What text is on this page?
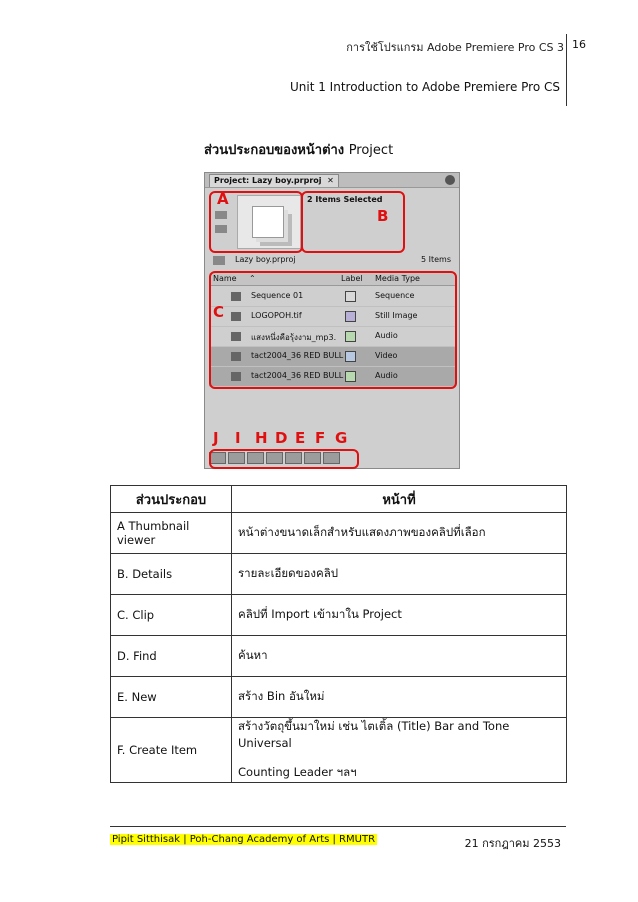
การใช้โปรแกรม Adobe Premiere Pro CS 3 16
Unit 1 Introduction to Adobe Premiere Pro CS
ส่วนประกอบของหน้าต่าง Project
Project: Lazy boy.prproj  ✕
2 Items Selected
Lazy boy.prproj	5 Items
Name ⌃	Label Media Type
Sequence 01	Sequence
LOGOPOH.tif	Still Image
แสงหนึ่งคือรุ้งงาม_mp3.	Audio
tact2004_36 RED BULL	Video
tact2004_36 RED BULL	Audio
A
B
C
J I H D E F G
ส่วนประกอบ	หน้าที่
A Thumbnail viewer	หน้าต่างขนาดเล็กสำหรับแสดงภาพของคลิปที่เลือก
B. Details	รายละเอียดของคลิป
C. Clip	คลิปที่ Import เข้ามาใน Project
D. Find	ค้นหา
E. New	สร้าง Bin อันใหม่
F. Create Item	สร้างวัตถุขึ้นมาใหม่ เช่น ไตเติ้ล (Title) Bar and Tone Universal

Counting Leader ฯลฯ
Pipit Sitthisak | Poh-Chang Academy of Arts | RMUTR	21 กรกฎาคม 2553
